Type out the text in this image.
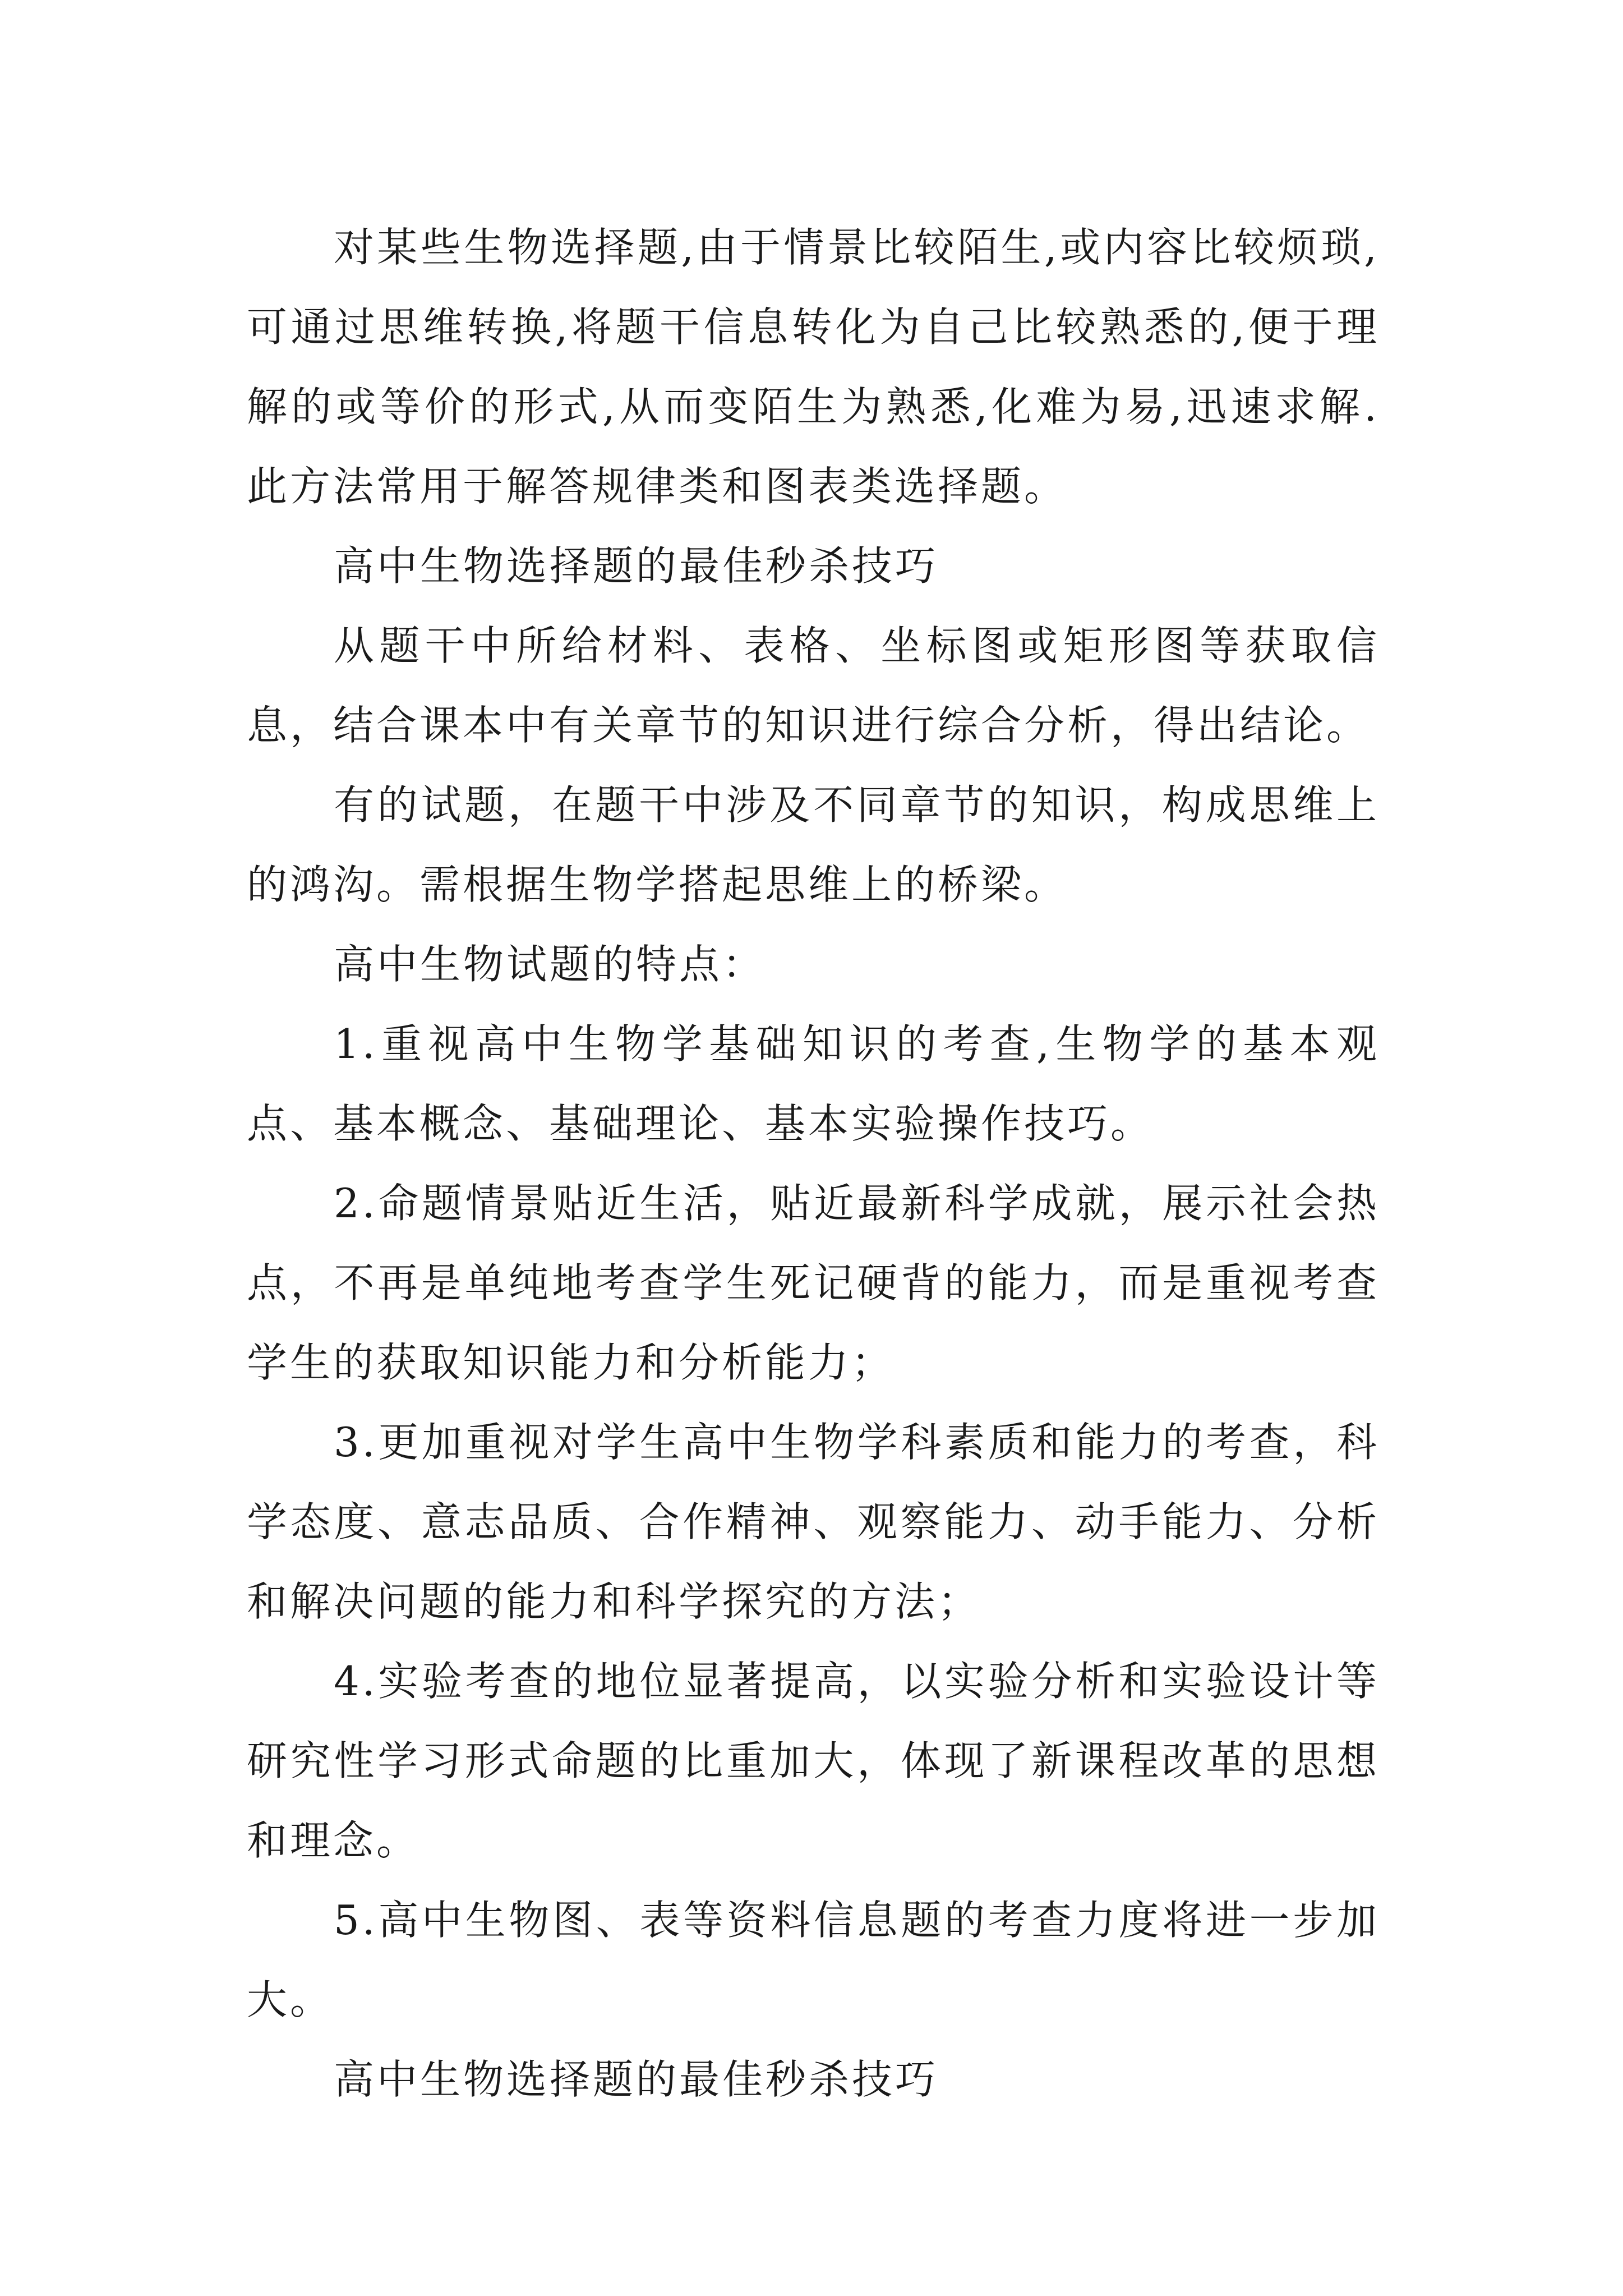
对某些生物选择题,由于情景比较陌生,或内容比较烦琐,可通过思维转换,将题干信息转化为自己比较熟悉的,便于理解的或等价的形式,从而变陌生为熟悉,化难为易,迅速求解.此方法常用于解答规律类和图表类选择题。

高中生物选择题的最佳秒杀技巧

从题干中所给材料、表格、坐标图或矩形图等获取信息，结合课本中有关章节的知识进行综合分析，得出结论。

有的试题，在题干中涉及不同章节的知识，构成思维上的鸿沟。需根据生物学搭起思维上的桥梁。

高中生物试题的特点：

1.重视高中生物学基础知识的考查,生物学的基本观点、基本概念、基础理论、基本实验操作技巧。

2.命题情景贴近生活，贴近最新科学成就，展示社会热点，不再是单纯地考查学生死记硬背的能力，而是重视考查学生的获取知识能力和分析能力；

3.更加重视对学生高中生物学科素质和能力的考查，科学态度、意志品质、合作精神、观察能力、动手能力、分析和解决问题的能力和科学探究的方法；

4.实验考查的地位显著提高，以实验分析和实验设计等研究性学习形式命题的比重加大，体现了新课程改革的思想和理念。

5.高中生物图、表等资料信息题的考查力度将进一步加大。

高中生物选择题的最佳秒杀技巧
